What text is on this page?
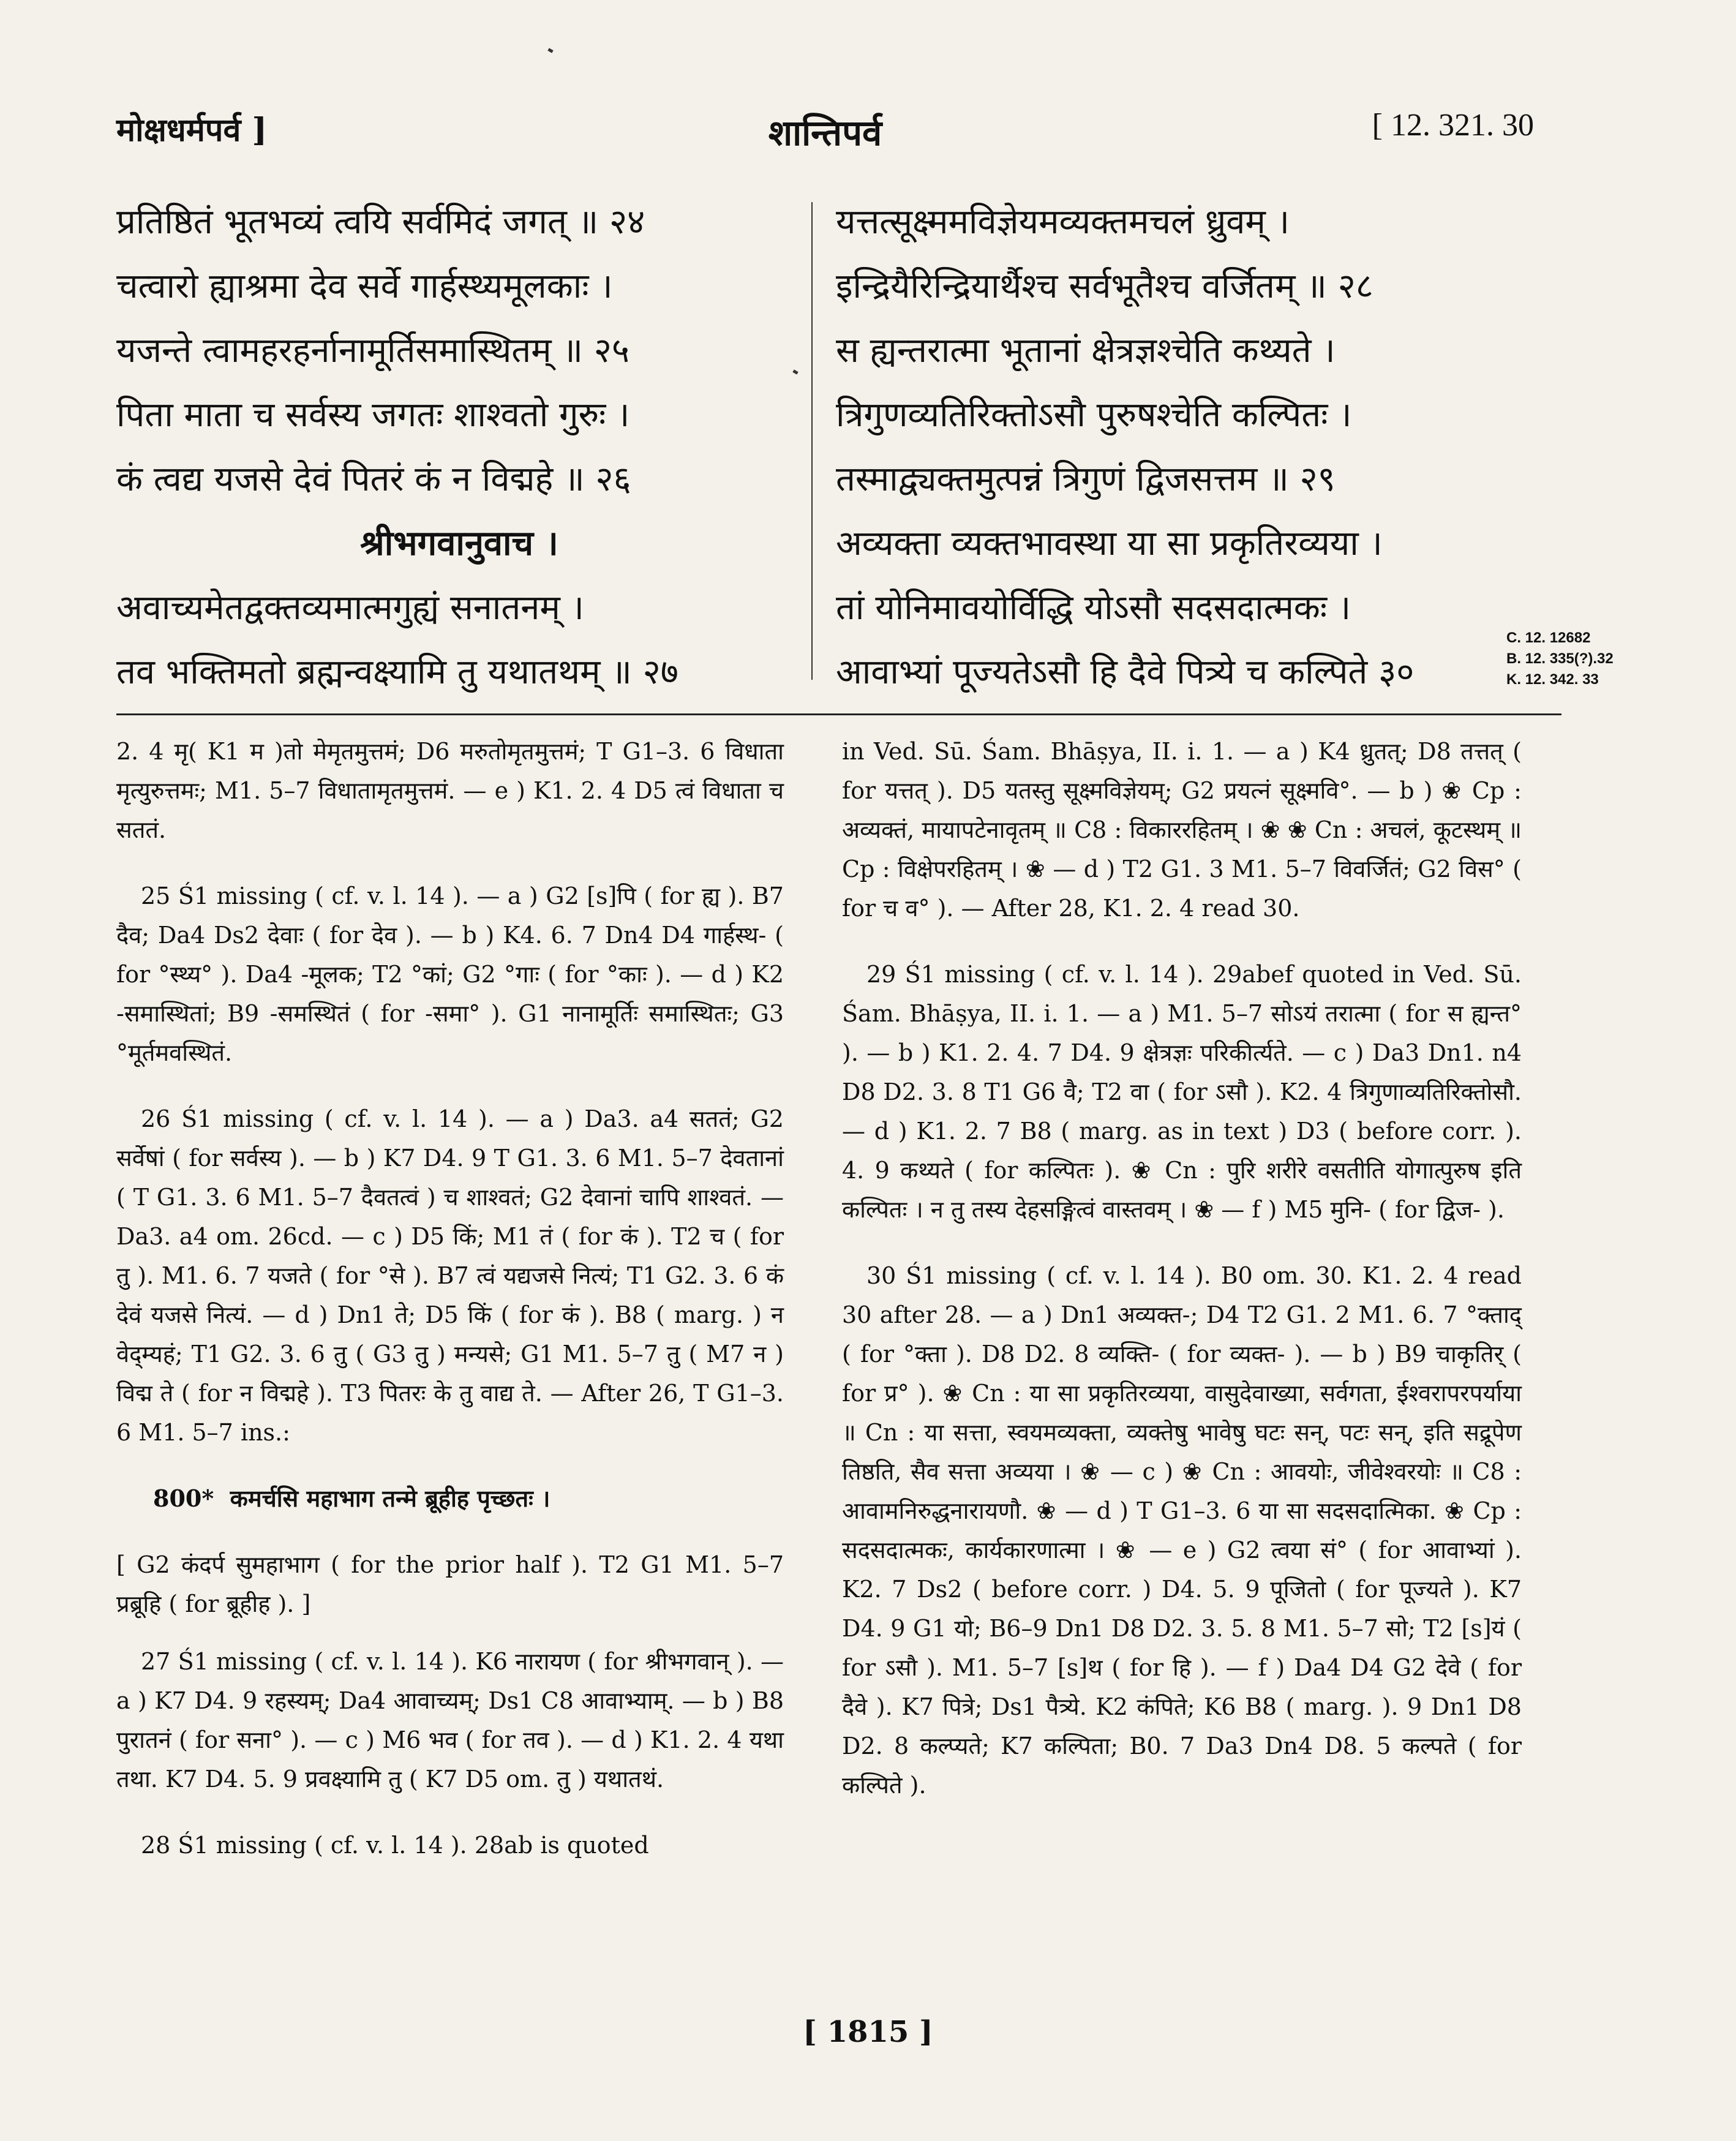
मोक्षधर्मपर्व ]	शान्तिपर्व	[ 12. 321. 30
प्रतिष्ठितं भूतभव्यं त्वयि सर्वमिदं जगत् ॥ २४
चत्वारो ह्याश्रमा देव सर्वे गार्हस्थ्यमूलकाः ।
यजन्ते त्वामहरहर्नानामूर्तिसमास्थितम् ॥ २५
पिता माता च सर्वस्य जगतः शाश्वतो गुरुः ।
कं त्वद्य यजसे देवं पितरं कं न विद्महे ॥ २६
श्रीभगवानुवाच ।
अवाच्यमेतद्वक्तव्यमात्मगुह्यं सनातनम् ।
तव भक्तिमतो ब्रह्मन्वक्ष्यामि तु यथातथम् ॥ २७
यत्तत्सूक्ष्ममविज्ञेयमव्यक्तमचलं ध्रुवम् ।
इन्द्रियैरिन्द्रियार्थैश्च सर्वभूतैश्च वर्जितम् ॥ २८
स ह्यन्तरात्मा भूतानां क्षेत्रज्ञश्चेति कथ्यते ।
त्रिगुणव्यतिरिक्तोऽसौ पुरुषश्चेति कल्पितः ।
तस्माद्व्यक्तमुत्पन्नं त्रिगुणं द्विजसत्तम ॥ २९
अव्यक्ता व्यक्तभावस्था या सा प्रकृतिरव्यया ।
तां योनिमावयोर्विद्धि योऽसौ सदसदात्मकः ।
आवाभ्यां पूज्यतेऽसौ हि दैवे पित्र्ये च कल्पिते ३०
C. 12. 12682
B. 12. 335(?).32
K. 12. 342. 33

2. 4 मृ( K1 म )तो मेमृतमुत्तमं; D6 मरुतोमृतमुत्तमं; T G1–3. 6 विधाता मृत्युरुत्तमः; M1. 5–7 विधातामृतमुत्तमं. — e ) K1. 2. 4 D5 त्वं विधाता च सततं.

25 Ś1 missing ( cf. v. l. 14 ). — a ) G2 [s]पि ( for ह्य ). B7 दैव; Da4 Ds2 देवाः ( for देव ). — b ) K4. 6. 7 Dn4 D4 गार्हस्थ- ( for °स्थ्य° ). Da4 -मूलक; T2 °कां; G2 °गाः ( for °काः ). — d ) K2 -समास्थितां; B9 -समस्थितं ( for -समा° ). G1 नानामूर्तिः समास्थितः; G3 °मूर्तमवस्थितं.

26 Ś1 missing ( cf. v. l. 14 ). — a ) Da3. a4 सततं; G2 सर्वेषां ( for सर्वस्य ). — b ) K7 D4. 9 T G1. 3. 6 M1. 5–7 देवतानां ( T G1. 3. 6 M1. 5–7 दैवतत्वं ) च शाश्वतं; G2 देवानां चापि शाश्वतं. — Da3. a4 om. 26cd. — c ) D5 किं; M1 तं ( for कं ). T2 च ( for तु ). M1. 6. 7 यजते ( for °से ). B7 त्वं यद्यजसे नित्यं; T1 G2. 3. 6 कं देवं यजसे नित्यं. — d ) Dn1 ते; D5 किं ( for कं ). B8 ( marg. ) न वेद्म्यहं; T1 G2. 3. 6 तु ( G3 तु ) मन्यसे; G1 M1. 5–7 तु ( M7 न ) विद्म ते ( for न विद्महे ). T3 पितरः के तु वाद्य ते. — After 26, T G1–3. 6 M1. 5–7 ins.:

800* कमर्चसि महाभाग तन्मे ब्रूहीह पृच्छतः ।

[ G2 कंदर्प सुमहाभाग ( for the prior half ). T2 G1 M1. 5–7 प्रब्रूहि ( for ब्रूहीह ). ]

27 Ś1 missing ( cf. v. l. 14 ). K6 नारायण ( for श्रीभगवान् ). — a ) K7 D4. 9 रहस्यम्; Da4 आवाच्यम्; Ds1 C8 आवाभ्याम्. — b ) B8 पुरातनं ( for सना° ). — c ) M6 भव ( for तव ). — d ) K1. 2. 4 यथा तथा. K7 D4. 5. 9 प्रवक्ष्यामि तु ( K7 D5 om. तु ) यथातथं.

28 Ś1 missing ( cf. v. l. 14 ). 28ab is quoted

in Ved. Sū. Śam. Bhāṣya, II. i. 1. — a ) K4 ध्रुतत्; D8 तत्तत् ( for यत्तत् ). D5 यतस्तु सूक्ष्मविज्ञेयम्; G2 प्रयत्नं सूक्ष्मवि°. — b ) ❀ Cp : अव्यक्तं, मायापटेनावृतम् ॥ C8 : विकाररहितम् । ❀ ❀ Cn : अचलं, कूटस्थम् ॥ Cp : विक्षेपरहितम् । ❀ — d ) T2 G1. 3 M1. 5–7 विवर्जितं; G2 विस° ( for च व° ). — After 28, K1. 2. 4 read 30.

29 Ś1 missing ( cf. v. l. 14 ). 29abef quoted in Ved. Sū. Śam. Bhāṣya, II. i. 1. — a ) M1. 5–7 सोऽयं तरात्मा ( for स ह्यन्त° ). — b ) K1. 2. 4. 7 D4. 9 क्षेत्रज्ञः परिकीर्त्यते. — c ) Da3 Dn1. n4 D8 D2. 3. 8 T1 G6 वै; T2 वा ( for ऽसौ ). K2. 4 त्रिगुणाव्यतिरिक्तोसौ. — d ) K1. 2. 7 B8 ( marg. as in text ) D3 ( before corr. ). 4. 9 कथ्यते ( for कल्पितः ). ❀ Cn : पुरि शरीरे वसतीति योगात्पुरुष इति कल्पितः । न तु तस्य देहसङ्गित्वं वास्तवम् । ❀ — f ) M5 मुनि- ( for द्विज- ).

30 Ś1 missing ( cf. v. l. 14 ). B0 om. 30. K1. 2. 4 read 30 after 28. — a ) Dn1 अव्यक्त-; D4 T2 G1. 2 M1. 6. 7 °क्ताद् ( for °क्ता ). D8 D2. 8 व्यक्ति- ( for व्यक्त- ). — b ) B9 चाकृतिर् ( for प्र° ). ❀ Cn : या सा प्रकृतिरव्यया, वासुदेवाख्या, सर्वगता, ईश्वरापरपर्याया ॥ Cn : या सत्ता, स्वयमव्यक्ता, व्यक्तेषु भावेषु घटः सन्, पटः सन्, इति सद्रूपेण तिष्ठति, सैव सत्ता अव्यया । ❀ — c ) ❀ Cn : आवयोः, जीवेश्वरयोः ॥ C8 : आवामनिरुद्धनारायणौ. ❀ — d ) T G1–3. 6 या सा सदसदात्मिका. ❀ Cp : सदसदात्मकः, कार्यकारणात्मा । ❀ — e ) G2 त्वया सं° ( for आवाभ्यां ). K2. 7 Ds2 ( before corr. ) D4. 5. 9 पूजितो ( for पूज्यते ). K7 D4. 9 G1 यो; B6–9 Dn1 D8 D2. 3. 5. 8 M1. 5–7 सो; T2 [s]यं ( for ऽसौ ). M1. 5–7 [s]थ ( for हि ). — f ) Da4 D4 G2 देवे ( for दैवे ). K7 पित्रे; Ds1 पैत्र्ये. K2 कंपिते; K6 B8 ( marg. ). 9 Dn1 D8 D2. 8 कल्प्यते; K7 कल्पिता; B0. 7 Da3 Dn4 D8. 5 कल्पते ( for कल्पिते ).

[ 1815 ]
